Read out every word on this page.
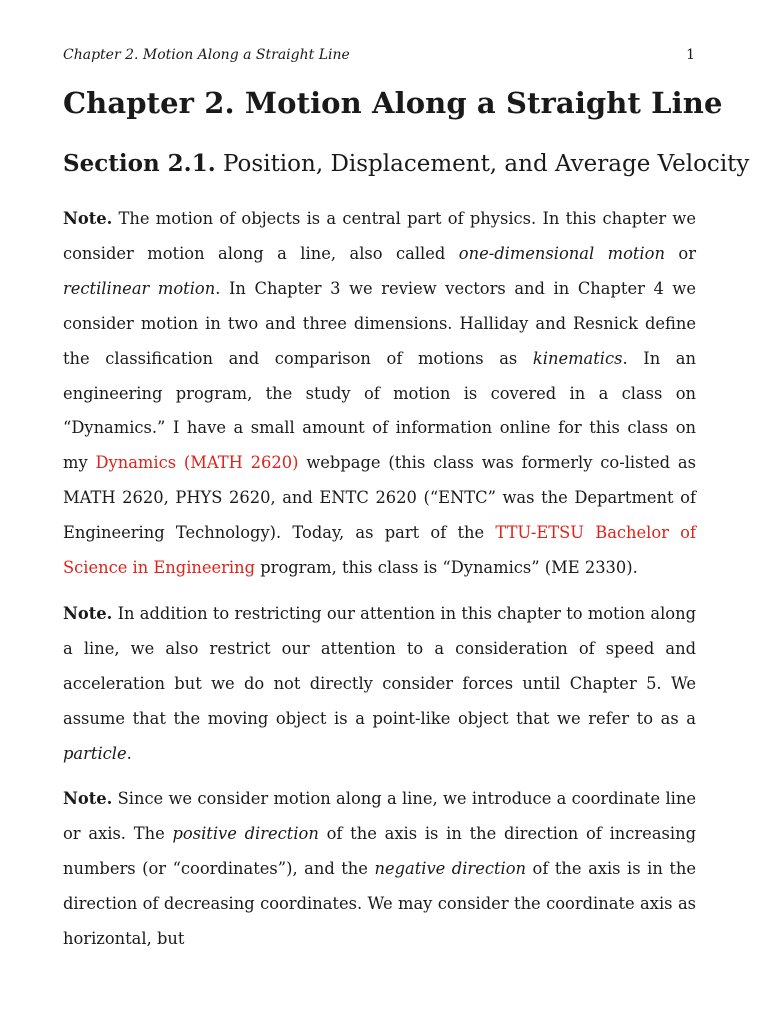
Chapter 2. Motion Along a Straight Line	1
Chapter 2. Motion Along a Straight Line
Section 2.1. Position, Displacement, and Average Velocity

Note. The motion of objects is a central part of physics. In this chapter we consider motion along a line, also called one-dimensional motion or rectilinear motion. In Chapter 3 we review vectors and in Chapter 4 we consider motion in two and three dimensions. Halliday and Resnick define the classification and comparison of motions as kinematics. In an engineering program, the study of motion is covered in a class on “Dynamics.” I have a small amount of information online for this class on my Dynamics (MATH 2620) webpage (this class was formerly co-listed as MATH 2620, PHYS 2620, and ENTC 2620 (“ENTC” was the Department of Engineering Technology). Today, as part of the TTU-ETSU Bachelor of Science in Engineering program, this class is “Dynamics” (ME 2330).

Note. In addition to restricting our attention in this chapter to motion along a line, we also restrict our attention to a consideration of speed and acceleration but we do not directly consider forces until Chapter 5. We assume that the moving object is a point-like object that we refer to as a particle.

Note. Since we consider motion along a line, we introduce a coordinate line or axis. The positive direction of the axis is in the direction of increasing numbers (or “coordinates”), and the negative direction of the axis is in the direction of decreasing coordinates. We may consider the coordinate axis as horizontal, but
